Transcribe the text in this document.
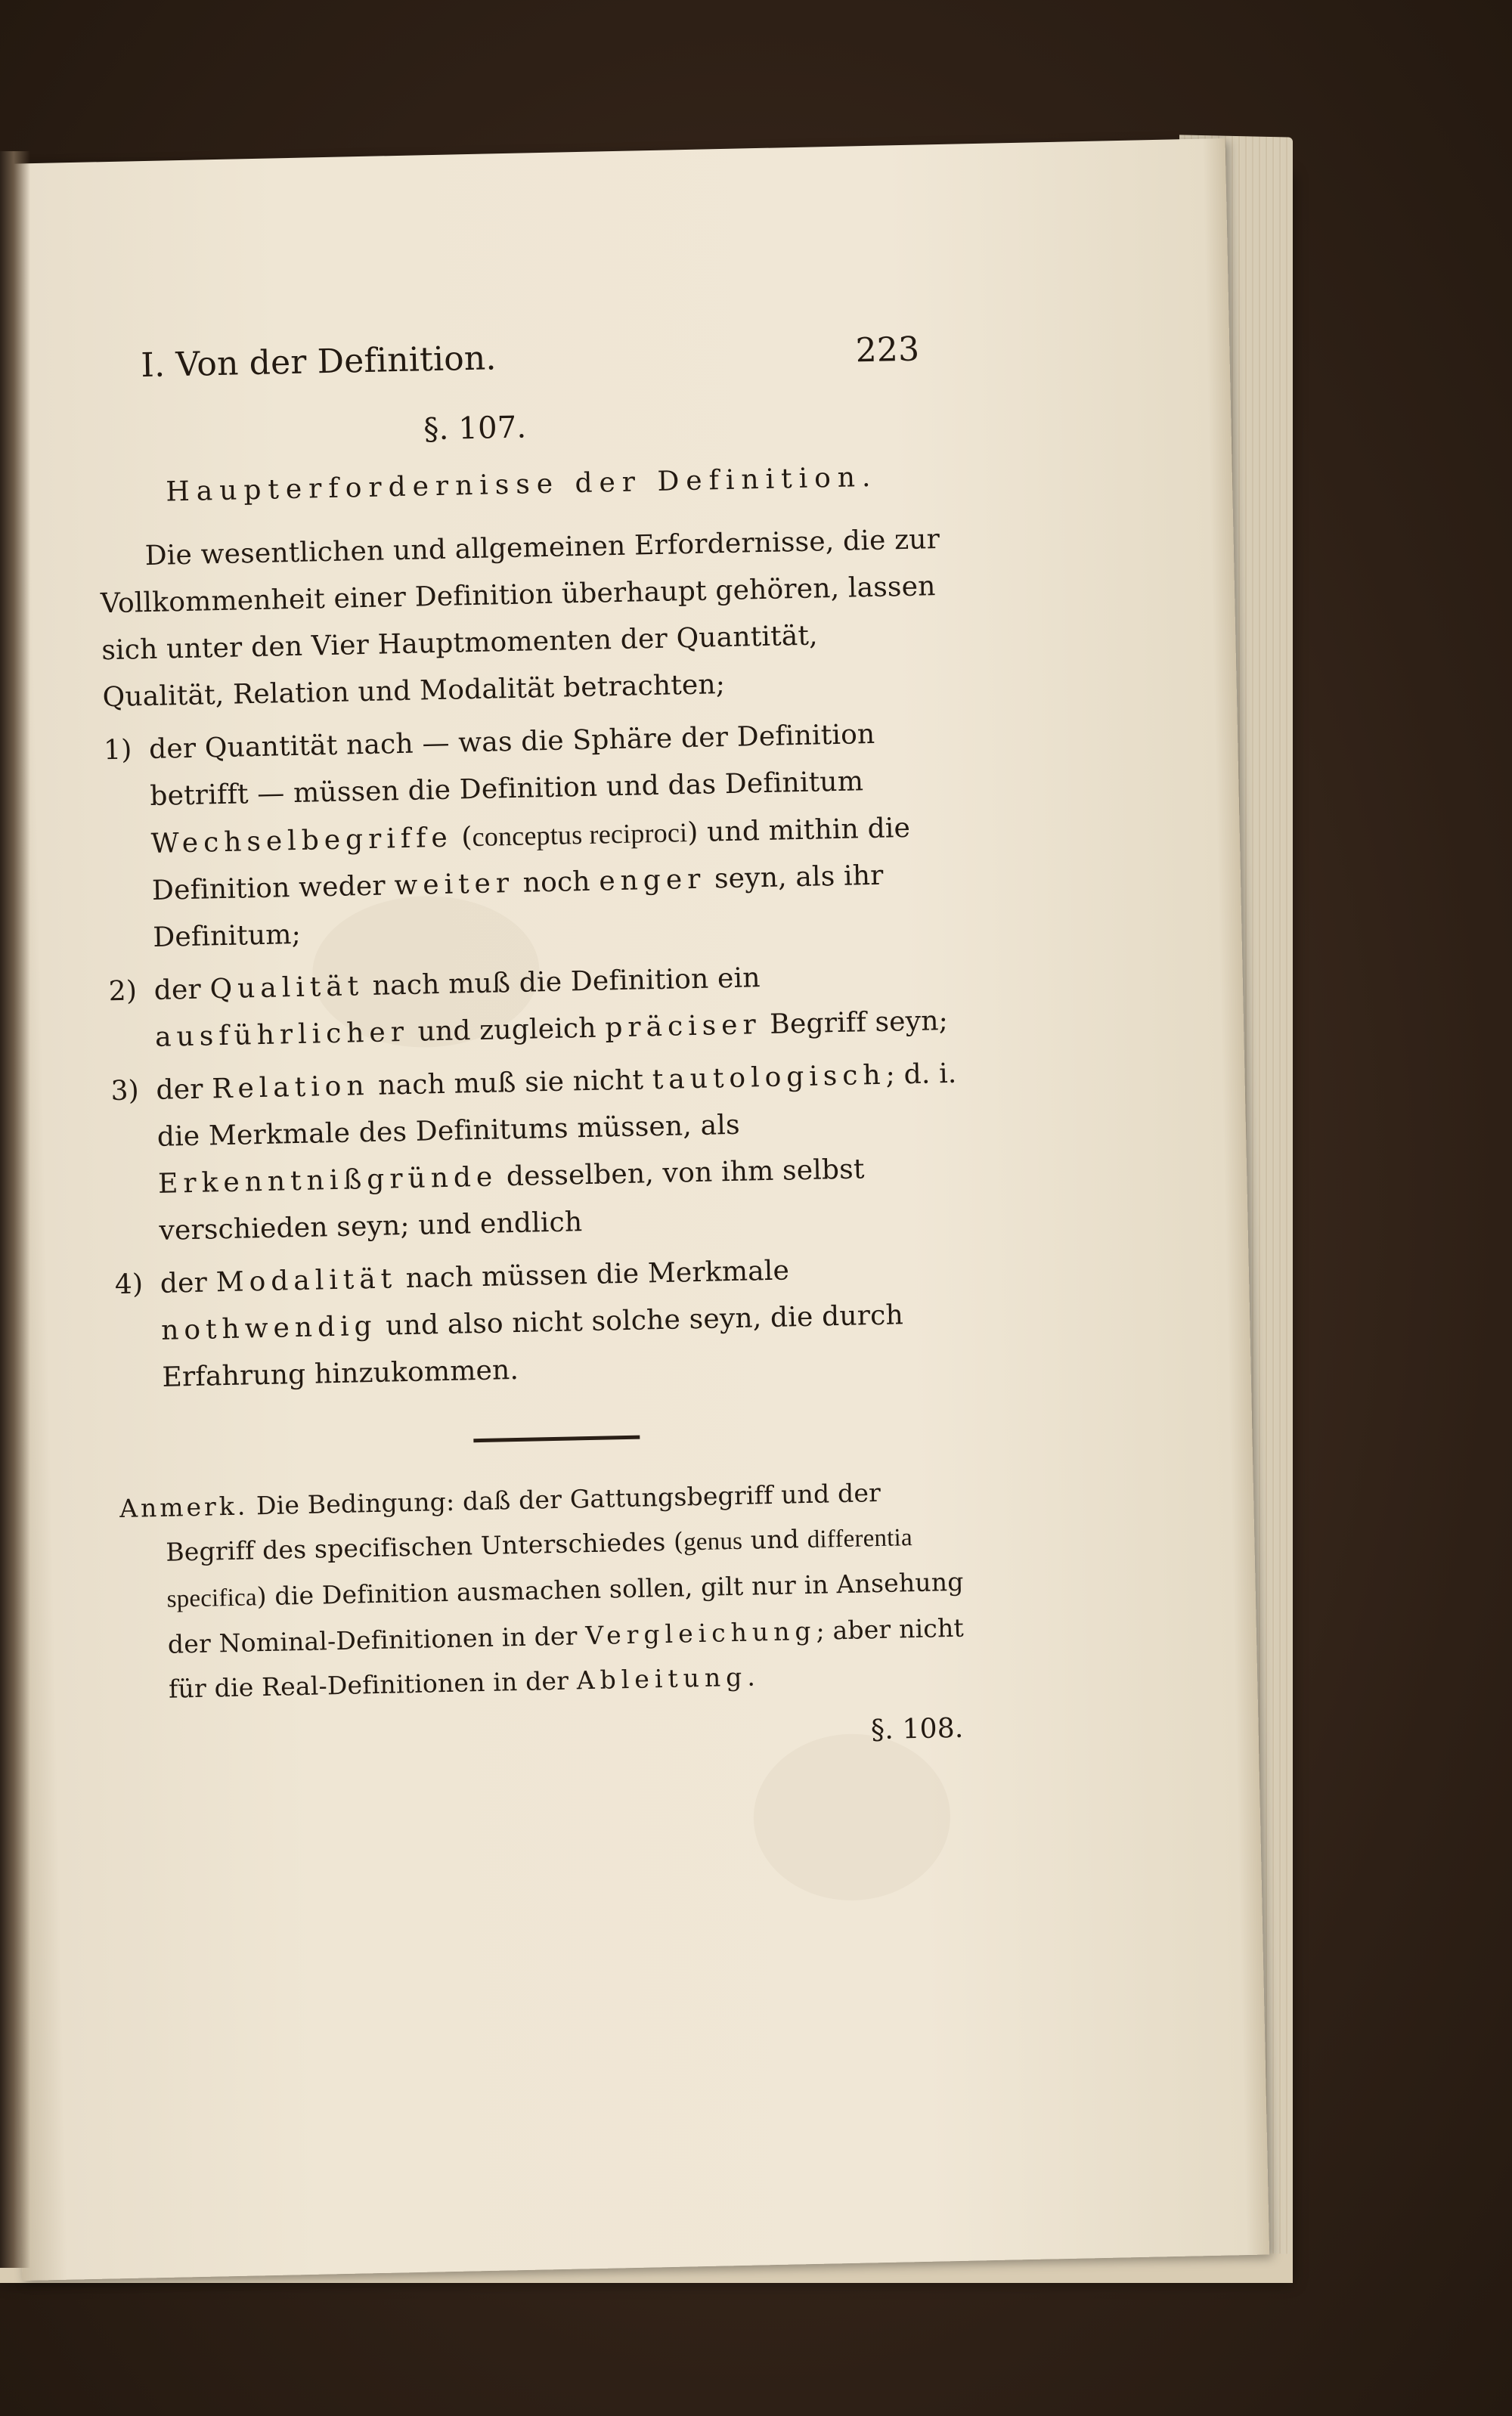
I. Von der Definition.	223
§. 107.
Haupterfordernisse der Definition.

Die wesentlichen und allgemeinen Erfordernisse, die zur Vollkommenheit einer Definition überhaupt gehören, lassen sich unter den Vier Hauptmomenten der Quantität, Qualität, Relation und Modalität betrachten;

1) der Quantität nach — was die Sphäre der Definition betrifft — müssen die Definition und das Definitum Wechselbegriffe (conceptus reciproci) und mithin die Definition weder weiter noch enger seyn, als ihr Definitum;
2) der Qualität nach muß die Definition ein ausführlicher und zugleich präciser Begriff seyn;
3) der Relation nach muß sie nicht tautologisch; d. i. die Merkmale des Definitums müssen, als Erkenntnißgründe desselben, von ihm selbst verschieden seyn; und endlich
4) der Modalität nach müssen die Merkmale nothwendig und also nicht solche seyn, die durch Erfahrung hinzukommen.
Anmerk. Die Bedingung: daß der Gattungsbegriff und der Begriff des specifischen Unterschiedes (genus und differentia specifica) die Definition ausmachen sollen, gilt nur in Ansehung der Nominal-Definitionen in der Vergleichung; aber nicht für die Real-Definitionen in der Ableitung.
§. 108.
